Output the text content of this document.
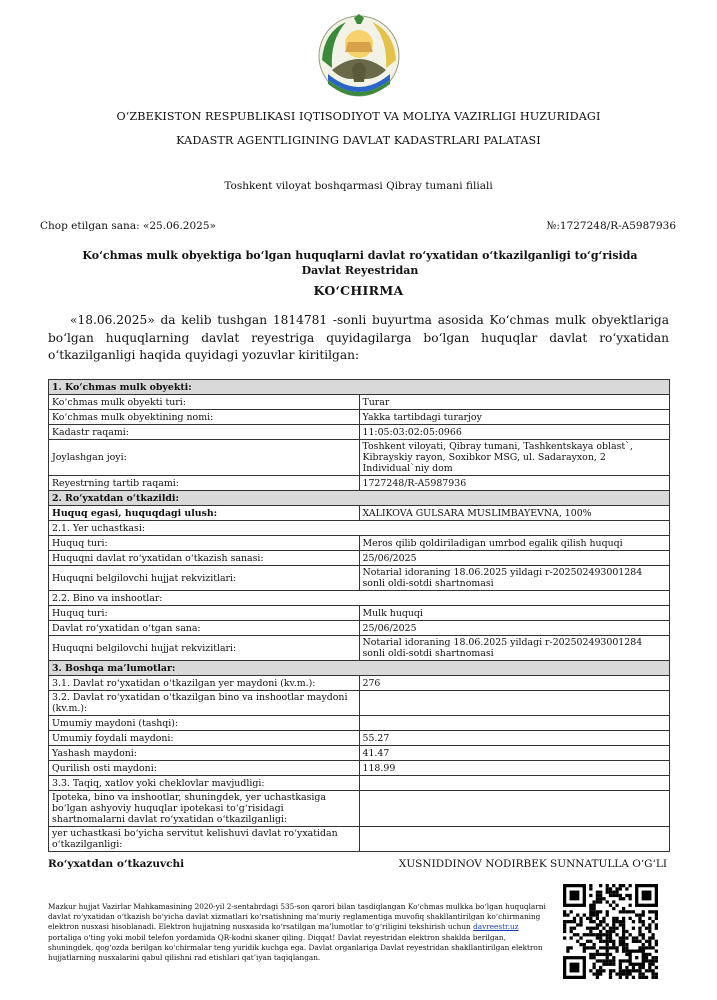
O‘ZBEKISTON RESPUBLIKASI IQTISODIYOT VA MOLIYA VAZIRLIGI HUZURIDAGI
KADASTR AGENTLIGINING DAVLAT KADASTRLARI PALATASI
Toshkent viloyat boshqarmasi Qibray tumani filiali
Chop etilgan sana: «25.06.2025»	№:1727248/R-A5987936
Ko‘chmas mulk obyektiga bo‘lgan huquqlarni davlat ro‘yxatidan o‘tkazilganligi to‘g‘risida Davlat Reyestridan
KO‘CHIRMA
«18.06.2025» da kelib tushgan 1814781 -sonli buyurtma asosida Ko‘chmas mulk obyektlariga bo‘lgan huquqlarning davlat reyestriga quyidagilarga bo‘lgan huquqlar davlat ro‘yxatidan o‘tkazilganligi haqida quyidagi yozuvlar kiritilgan:
1. Ko‘chmas mulk obyekti:	
Ko‘chmas mulk obyekti turi:	Turar
Ko‘chmas mulk obyektining nomi:	Yakka tartibdagi turarjoy
Kadastr raqami:	11:05:03:02:05:0966
Joylashgan joyi:	Toshkent viloyati, Qibray tumani, Tashkentskaya oblast`, Kibrayskiy rayon, Soxibkor MSG, ul. Sadarayxon, 2 Individual`niy dom
Reyestrning tartib raqami:	1727248/R-A5987936
2. Ro‘yxatdan o‘tkazildi:	
Huquq egasi, huquqdagi ulush:	XALIKOVA GULSARA MUSLIMBAYEVNA, 100%
2.1. Yer uchastkasi:	
Huquq turi:	Meros qilib qoldiriladigan umrbod egalik qilish huquqi
Huquqni davlat ro‘yxatidan o‘tkazish sanasi:	25/06/2025
Huquqni belgilovchi hujjat rekvizitlari:	Notarial idoraning 18.06.2025 yildagi r-202502493001284 sonli oldi-sotdi shartnomasi
2.2. Bino va inshootlar:	
Huquq turi:	Mulk huquqi
Davlat ro‘yxatidan o‘tgan sana:	25/06/2025
Huquqni belgilovchi hujjat rekvizitlari:	Notarial idoraning 18.06.2025 yildagi r-202502493001284 sonli oldi-sotdi shartnomasi
3. Boshqa ma’lumotlar:	
3.1. Davlat ro‘yxatidan o‘tkazilgan yer maydoni (kv.m.):	276
3.2. Davlat ro‘yxatidan o‘tkazilgan bino va inshootlar maydoni (kv.m.):	
Umumiy maydoni (tashqi):	
Umumiy foydali maydoni:	55.27
Yashash maydoni:	41.47
Qurilish osti maydoni:	118.99
3.3. Taqiq, xatlov yoki cheklovlar mavjudligi:	
Ipoteka, bino va inshootlar, shuningdek, yer uchastkasiga bo‘lgan ashyoviy huquqlar ipotekasi to‘g‘risidagi shartnomalarni davlat ro‘yxatidan o‘tkazilganligi:	
yer uchastkasi bo‘yicha servitut kelishuvi davlat ro‘yxatidan o‘tkazilganligi:	
Ro‘yxatdan o‘tkazuvchi	XUSNIDDINOV NODIRBEK SUNNATULLA O‘G‘LI
Mazkur hujjat Vazirlar Mahkamasining 2020-yil 2-sentabrdagi 535-son qarori bilan tasdiqlangan Ko‘chmas mulkka bo‘lgan huquqlarni davlat ro‘yxatidan o‘tkazish bo‘yicha davlat xizmatlari ko‘rsatishning ma’muriy reglamentiga muvofiq shakllantirilgan ko‘chirmaning elektron nusxasi hisoblanadi. Elektron hujjatning nusxasida ko‘rsatilgan ma’lumotlar to‘g‘riligini tekshirish uchun davreestr.uz portaliga o‘ting yoki mobil telefon yordamida QR-kodni skaner qiling. Diqqat! Davlat reyestridan elektron shaklda berilgan, shuningdek, qog‘ozda berilgan ko‘chirmalar teng yuridik kuchga ega. Davlat organlariga Davlat reyestridan shakllantirilgan elektron hujjatlarning nusxalarini qabul qilishni rad etishlari qat’iyan taqiqlangan.
